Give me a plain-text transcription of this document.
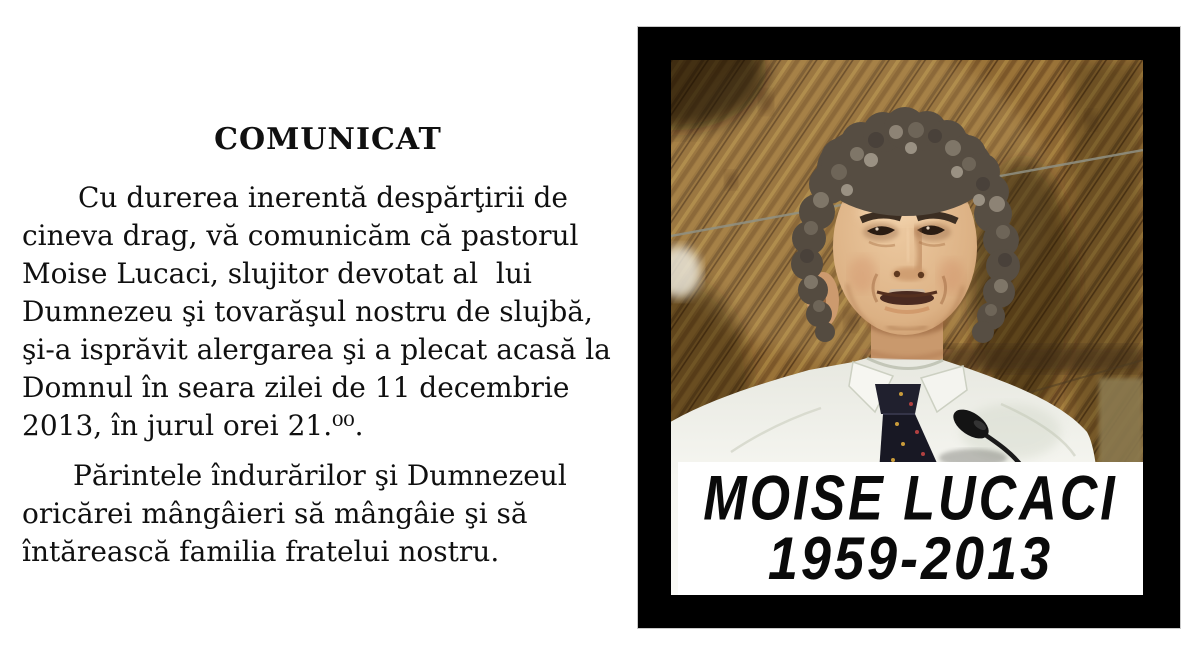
COMUNICAT
Cu durerea inerentă despărţirii de
cineva drag, vă comunicăm că pastorul
Moise Lucaci, slujitor devotat al  lui
Dumnezeu şi tovarăşul nostru de slujbă,
şi-a isprăvit alergarea şi a plecat acasă la
Domnul în seara zilei de 11 decembrie
2013, în jurul orei 21.⁰⁰.
Părintele îndurărilor şi Dumnezeul
oricărei mângâieri să mângâie şi să
întărească familia fratelui nostru.
MOISE LUCACI
1959-2013
